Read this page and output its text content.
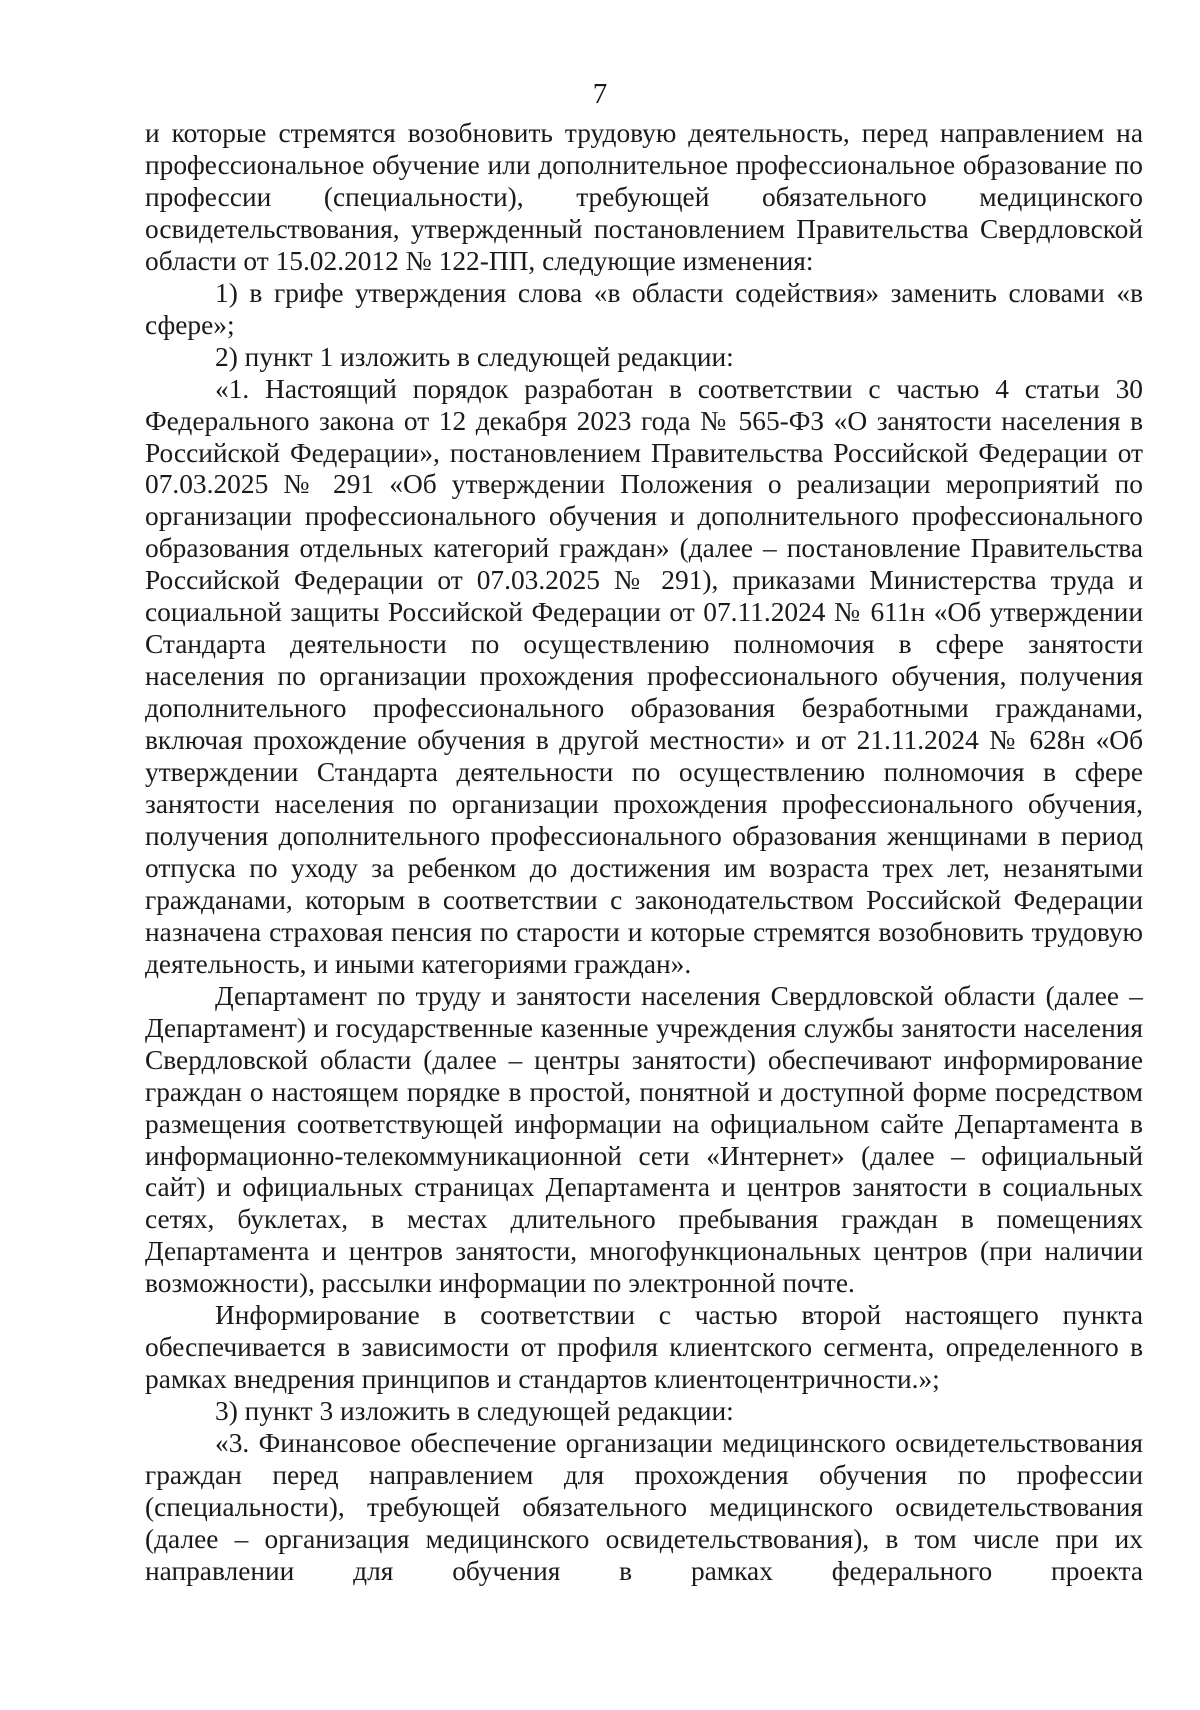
7

и которые стремятся возобновить трудовую деятельность, перед направлением на профессиональное обучение или дополнительное профессиональное образование по профессии (специальности), требующей обязательного медицинского освидетельствования, утвержденный постановлением Правительства Свердловской области от 15.02.2012 № 122-ПП, следующие изменения:

1) в грифе утверждения слова «в области содействия» заменить словами «в сфере»;

2) пункт 1 изложить в следующей редакции:

«1. Настоящий порядок разработан в соответствии с частью 4 статьи 30 Федерального закона от 12 декабря 2023 года № 565-ФЗ «О занятости населения в Российской Федерации», постановлением Правительства Российской Федерации от 07.03.2025 № 291 «Об утверждении Положения о реализации мероприятий по организации профессионального обучения и дополнительного профессионального образования отдельных категорий граждан» (далее – постановление Правительства Российской Федерации от 07.03.2025 № 291), приказами Министерства труда и социальной защиты Российской Федерации от 07.11.2024 № 611н «Об утверждении Стандарта деятельности по осуществлению полномочия в сфере занятости населения по организации прохождения профессионального обучения, получения дополнительного профессионального образования безработными гражданами, включая прохождение обучения в другой местности» и от 21.11.2024 № 628н «Об утверждении Стандарта деятельности по осуществлению полномочия в сфере занятости населения по организации прохождения профессионального обучения, получения дополнительного профессионального образования женщинами в период отпуска по уходу за ребенком до достижения им возраста трех лет, незанятыми гражданами, которым в соответствии с законодательством Российской Федерации назначена страховая пенсия по старости и которые стремятся возобновить трудовую деятельность, и иными категориями граждан».

Департамент по труду и занятости населения Свердловской области (далее – Департамент) и государственные казенные учреждения службы занятости населения Свердловской области (далее – центры занятости) обеспечивают информирование граждан о настоящем порядке в простой, понятной и доступной форме посредством размещения соответствующей информации на официальном сайте Департамента в информационно-телекоммуникационной сети «Интернет» (далее – официальный сайт) и официальных страницах Департамента и центров занятости в социальных сетях, буклетах, в местах длительного пребывания граждан в помещениях Департамента и центров занятости, многофункциональных центров (при наличии возможности), рассылки информации по электронной почте.

Информирование в соответствии с частью второй настоящего пункта обеспечивается в зависимости от профиля клиентского сегмента, определенного в рамках внедрения принципов и стандартов клиентоцентричности.»;

3) пункт 3 изложить в следующей редакции:

«3. Финансовое обеспечение организации медицинского освидетельствования граждан перед направлением для прохождения обучения по профессии (специальности), требующей обязательного медицинского освидетельствования (далее – организация медицинского освидетельствования), в том числе при их направлении для обучения в рамках федерального проекта
